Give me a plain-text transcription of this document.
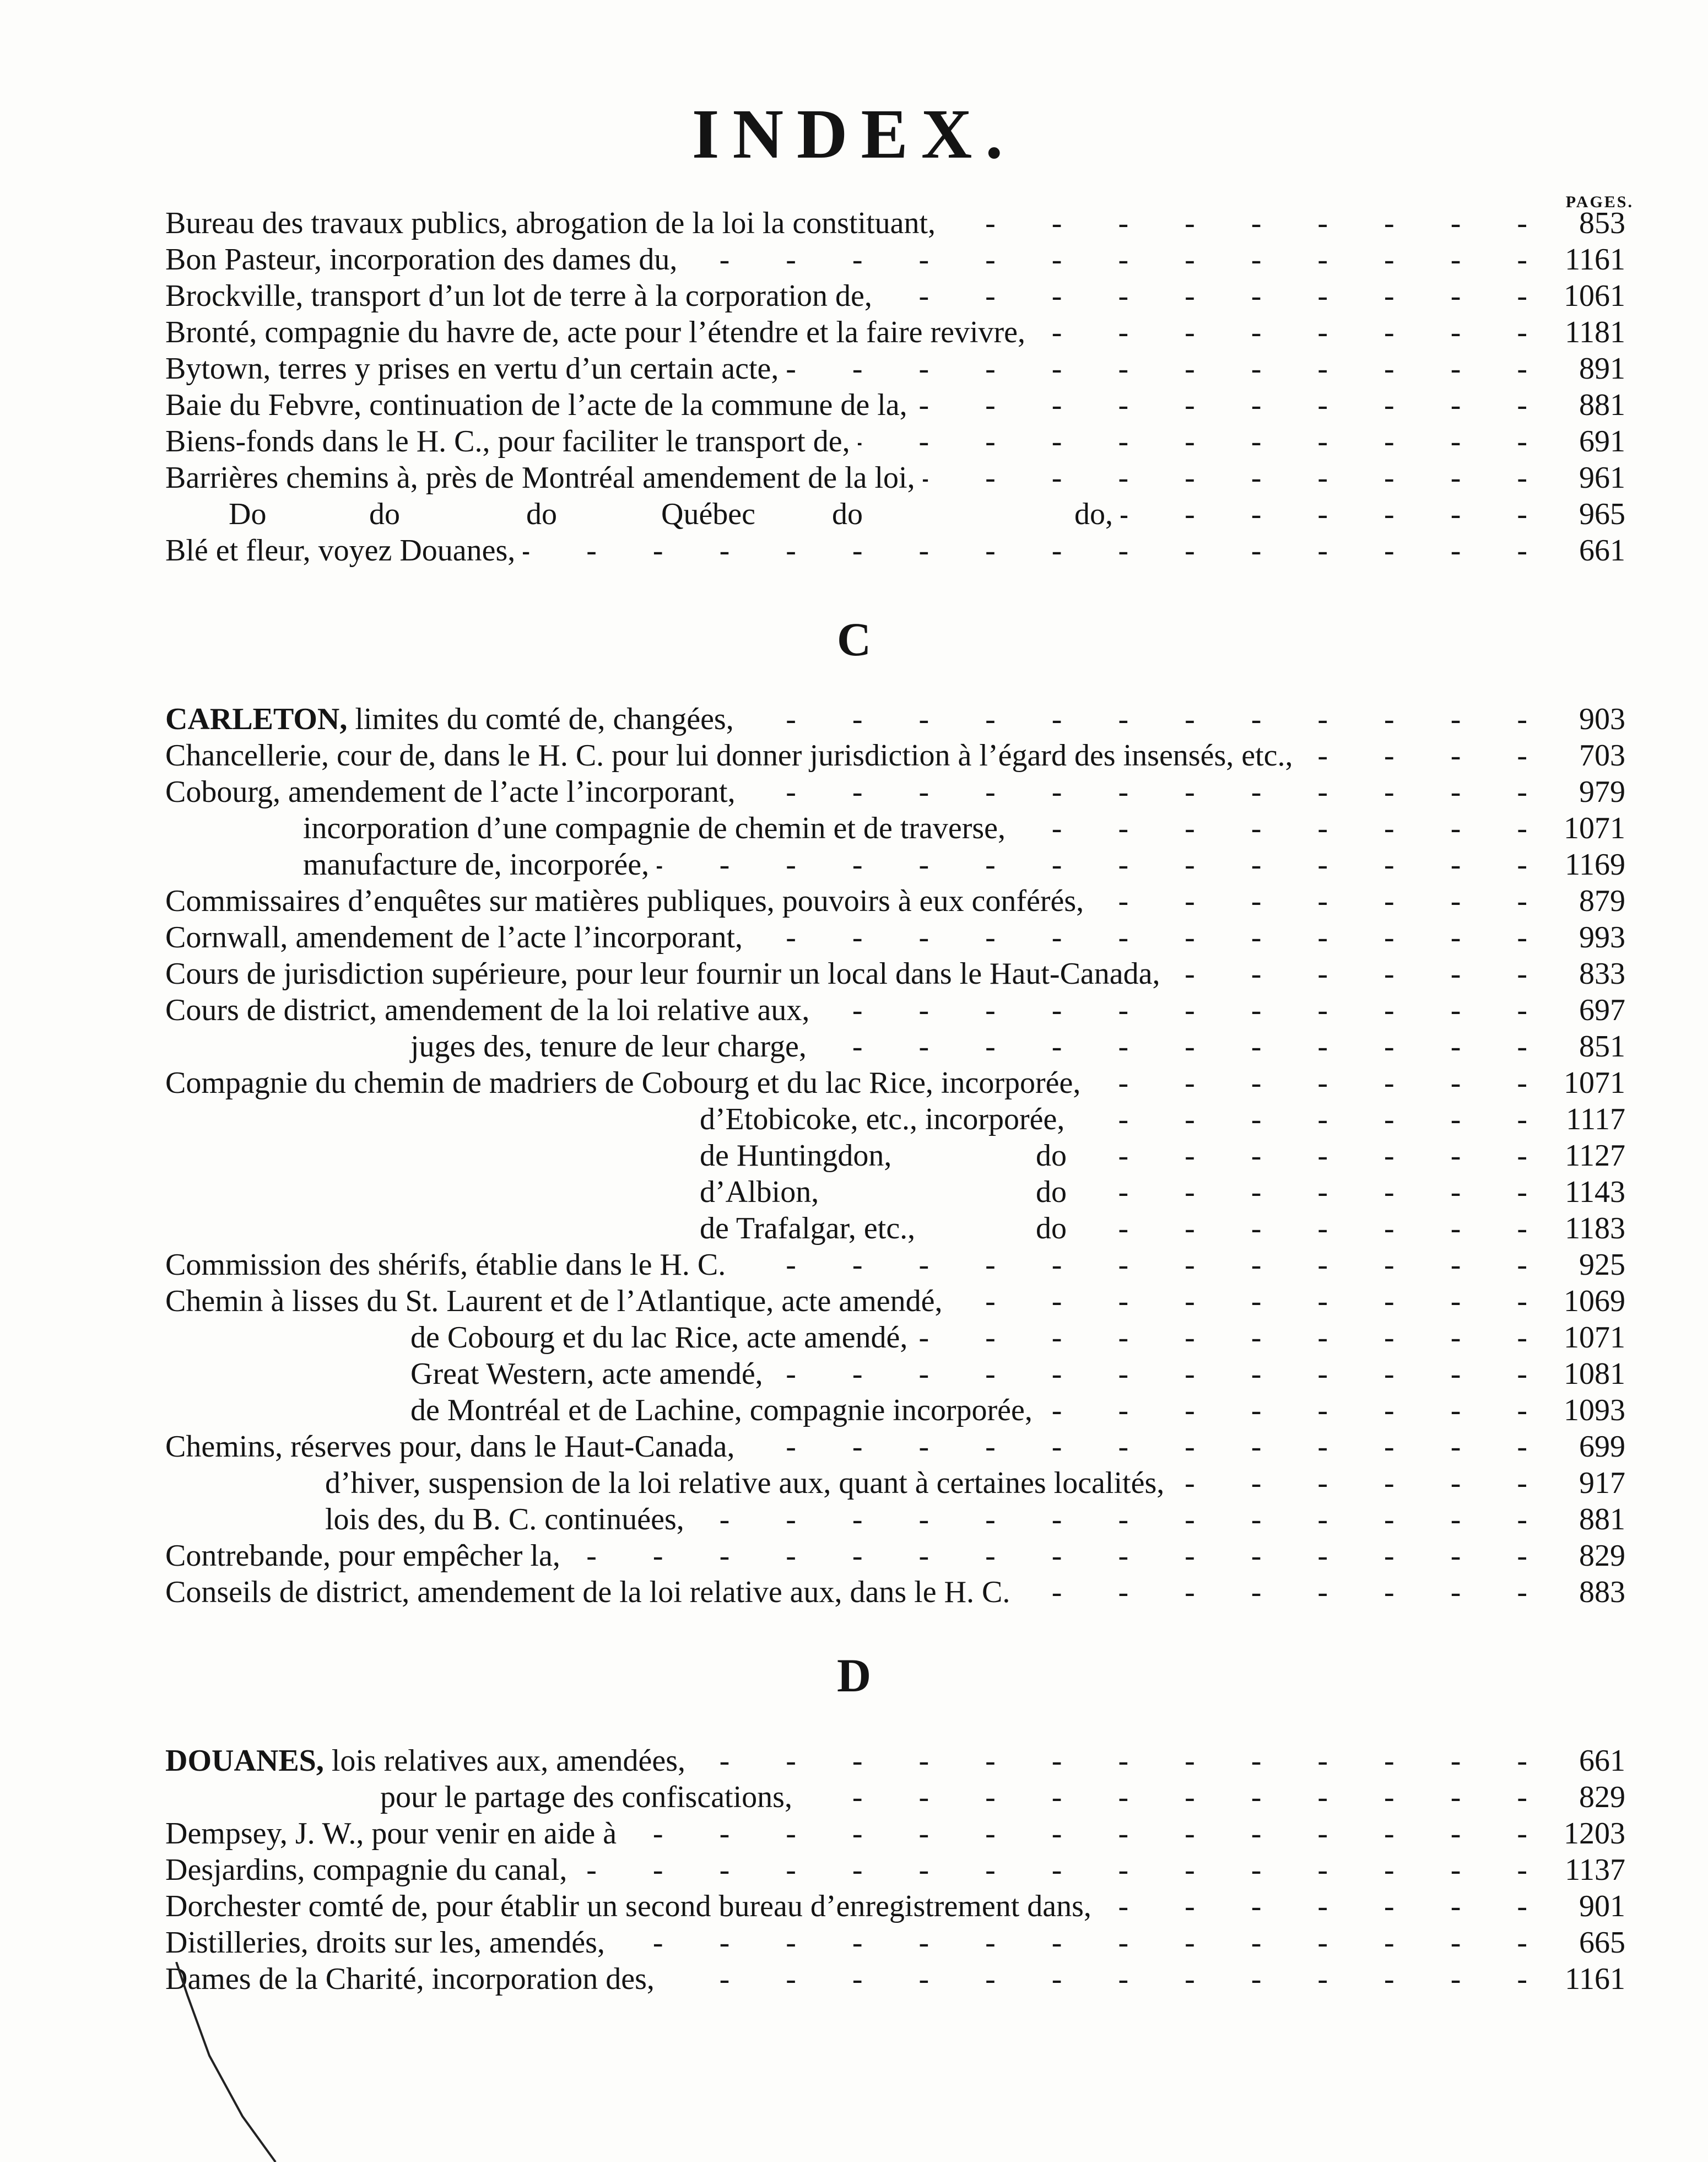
INDEX.
PAGES.
Bureau des travaux publics, abrogation de la loi la constituant, - - -	853
Bon Pasteur, incorporation des dames du, - - -	1161
Brockville, transport d’un lot de terre à la corporation de, - - -	1061
Bronté, compagnie du havre de, acte pour l’étendre et la faire revivre, - - -	1181
Bytown, terres y prises en vertu d’un certain acte, - - -	891
Baie du Febvre, continuation de l’acte de la commune de la, - - -	881
Biens-fonds dans le H. C., pour faciliter le transport de, - - -	691
Barrières chemins à, près de Montréal amendement de la loi, - - -	961
Do	do	do	Québec do	do, - - -	965
Blé et fleur, voyez Douanes, - - -	661
C
CARLETON, limites du comté de, changées, - - -	903
Chancellerie, cour de, dans le H. C. pour lui donner jurisdiction à l’égard des insensés, etc., - - -	703
Cobourg, amendement de l’acte l’incorporant, - - -	979
incorporation d’une compagnie de chemin et de traverse, - - -	1071
manufacture de, incorporée, - - -	1169
Commissaires d’enquêtes sur matières publiques, pouvoirs à eux conférés, - - -	879
Cornwall, amendement de l’acte l’incorporant, - - -	993
Cours de jurisdiction supérieure, pour leur fournir un local dans le Haut-Canada, - - -	833
Cours de district, amendement de la loi relative aux, - - -	697
juges des, tenure de leur charge, - - -	851
Compagnie du chemin de madriers de Cobourg et du lac Rice, incorporée, - - -	1071
d’Etobicoke, etc., incorporée, - - -	1117
de Huntingdon,	do - - -	1127
d’Albion,	do - - -	1143
de Trafalgar, etc.,	do - - -	1183
Commission des shérifs, établie dans le H. C. - - -	925
Chemin à lisses du St. Laurent et de l’Atlantique, acte amendé, - - -	1069
de Cobourg et du lac Rice, acte amendé, - - -	1071
Great Western, acte amendé, - - -	1081
de Montréal et de Lachine, compagnie incorporée, - - -	1093
Chemins, réserves pour, dans le Haut-Canada, - - -	699
d’hiver, suspension de la loi relative aux, quant à certaines localités, - - -	917
lois des, du B. C. continuées, - - -	881
Contrebande, pour empêcher la, - - -	829
Conseils de district, amendement de la loi relative aux, dans le H. C. - - -	883
D
DOUANES, lois relatives aux, amendées, - - -	661
pour le partage des confiscations, - - -	829
Dempsey, J. W., pour venir en aide à - - -	1203
Desjardins, compagnie du canal, - - -	1137
Dorchester comté de, pour établir un second bureau d’enregistrement dans, - - -	901
Distilleries, droits sur les, amendés, - - -	665
Dames de la Charité, incorporation des, - - -	1161
